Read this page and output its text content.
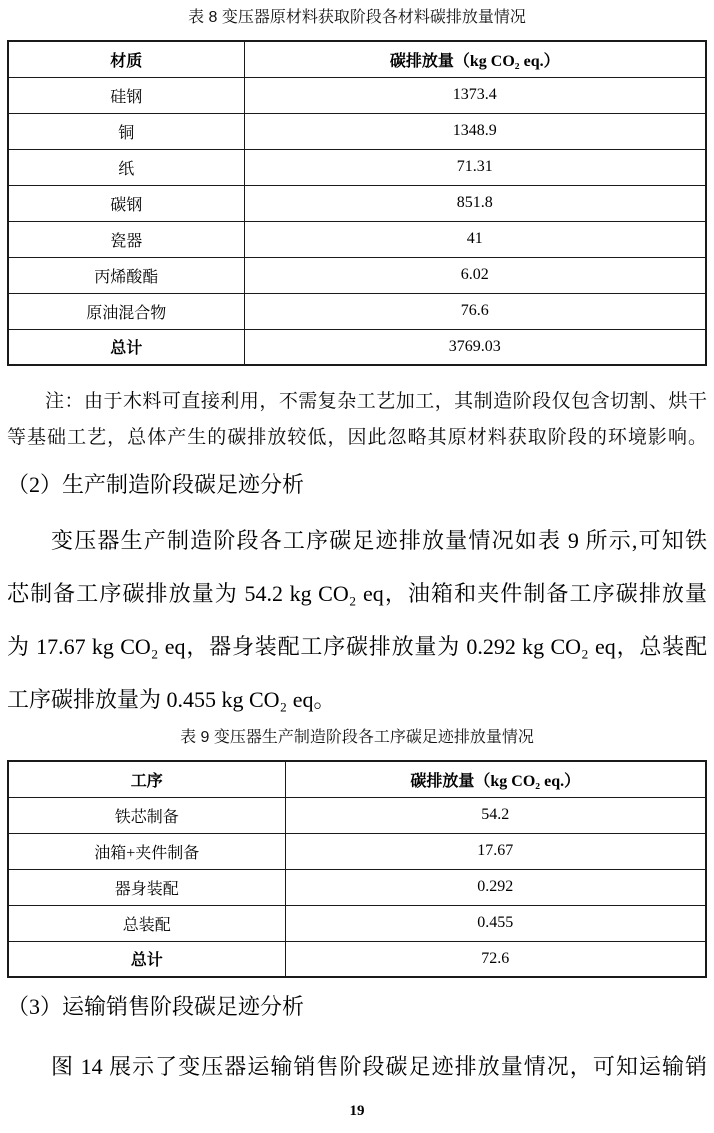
表 8 变压器原材料获取阶段各材料碳排放量情况
材质	碳排放量（kg CO₂ eq.）
硅钢	1373.4
铜	1348.9
纸	71.31
碳钢	851.8
瓷器	41
丙烯酸酯	6.02
原油混合物	76.6
总计	3769.03
注：由于木料可直接利用，不需复杂工艺加工，其制造阶段仅包含切割、烘干
等基础工艺，总体产生的碳排放较低，因此忽略其原材料获取阶段的环境影响。
（2）生产制造阶段碳足迹分析
变压器生产制造阶段各工序碳足迹排放量情况如表 9 所示,可知铁
芯制备工序碳排放量为 54.2 kg CO₂ eq，油箱和夹件制备工序碳排放量
为 17.67 kg CO₂ eq，器身装配工序碳排放量为 0.292 kg CO₂ eq，总装配
工序碳排放量为 0.455 kg CO₂ eq。
表 9 变压器生产制造阶段各工序碳足迹排放量情况
工序	碳排放量（kg CO₂ eq.）
铁芯制备	54.2
油箱+夹件制备	17.67
器身装配	0.292
总装配	0.455
总计	72.6
（3）运输销售阶段碳足迹分析
图 14 展示了变压器运输销售阶段碳足迹排放量情况，可知运输销
19
